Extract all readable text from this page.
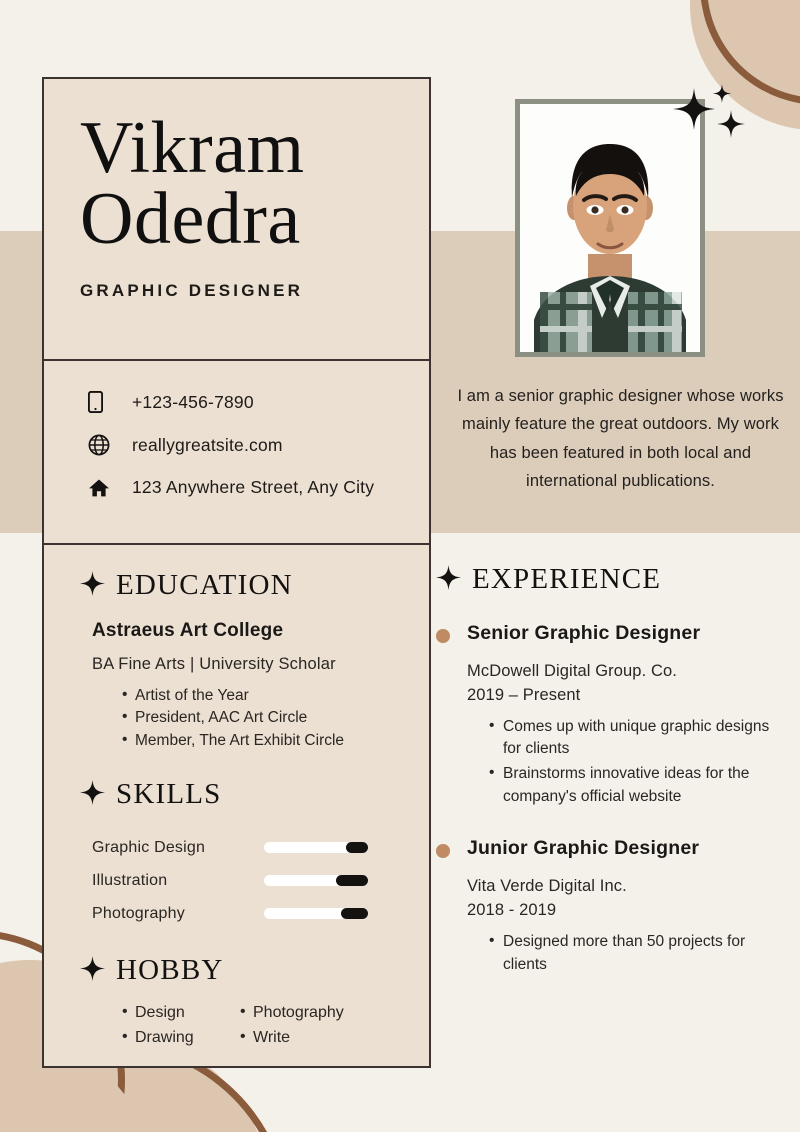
Vikram
Odedra
GRAPHIC DESIGNER
+123-456-7890
reallygreatsite.com
123 Anywhere Street, Any City
EDUCATION
Astraeus Art College
BA Fine Arts | University Scholar
• Artist of the Year
• President, AAC Art Circle
• Member, The Art Exhibit Circle
SKILLS
Graphic Design
Illustration
Photography
HOBBY
• Design
• Drawing
• Photography
• Write
I am a senior graphic designer whose works mainly feature the great outdoors. My work has been featured in both local and international publications.
EXPERIENCE
Senior Graphic Designer
McDowell Digital Group. Co.
2019 – Present
• Comes up with unique graphic designs for clients
• Brainstorms innovative ideas for the company's official website
Junior Graphic Designer
Vita Verde Digital Inc.
2018 - 2019
• Designed more than 50 projects for clients
